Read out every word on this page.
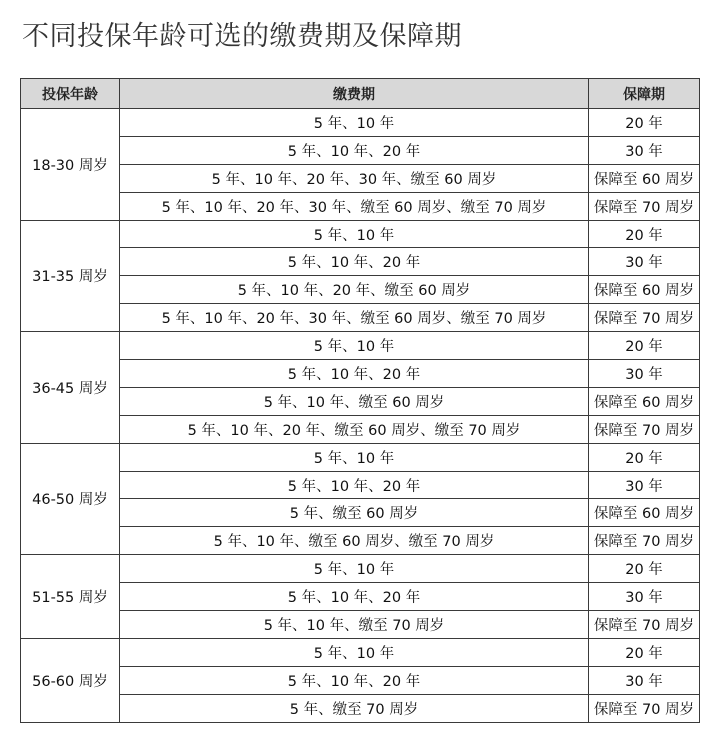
不同投保年龄可选的缴费期及保障期
投保年龄	缴费期	保障期
18-30 周岁	5 年、10 年	20 年
	5 年、10 年、20 年	30 年
	5 年、10 年、20 年、30 年、缴至 60 周岁	保障至 60 周岁
	5 年、10 年、20 年、30 年、缴至 60 周岁、缴至 70 周岁	保障至 70 周岁
31-35 周岁	5 年、10 年	20 年
	5 年、10 年、20 年	30 年
	5 年、10 年、20 年、缴至 60 周岁	保障至 60 周岁
	5 年、10 年、20 年、30 年、缴至 60 周岁、缴至 70 周岁	保障至 70 周岁
36-45 周岁	5 年、10 年	20 年
	5 年、10 年、20 年	30 年
	5 年、10 年、缴至 60 周岁	保障至 60 周岁
	5 年、10 年、20 年、缴至 60 周岁、缴至 70 周岁	保障至 70 周岁
46-50 周岁	5 年、10 年	20 年
	5 年、10 年、20 年	30 年
	5 年、缴至 60 周岁	保障至 60 周岁
	5 年、10 年、缴至 60 周岁、缴至 70 周岁	保障至 70 周岁
51-55 周岁	5 年、10 年	20 年
	5 年、10 年、20 年	30 年
	5 年、10 年、缴至 70 周岁	保障至 70 周岁
56-60 周岁	5 年、10 年	20 年
	5 年、10 年、20 年	30 年
	5 年、缴至 70 周岁	保障至 70 周岁
